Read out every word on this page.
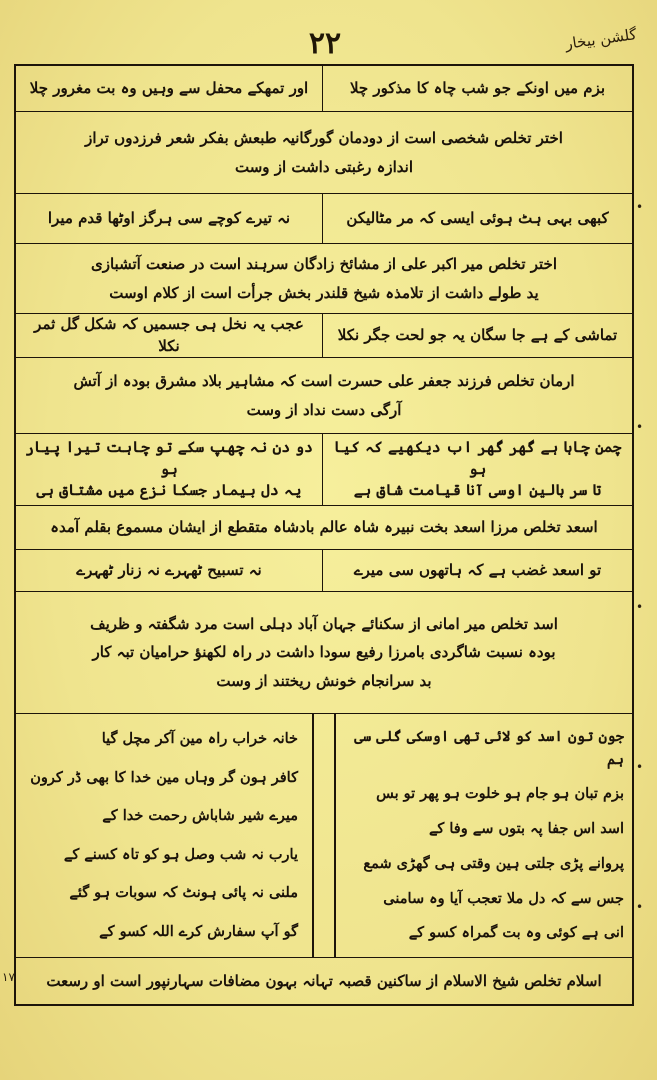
۲۲	گلشن بیخار
بزم میں اونکے جو شب چاہ کا مذکور چلا
اور تمھکے محفل سے وہیں وہ بت مغرور چلا

اختر تخلص شخصی است از دودمان گورگانیہ طبعش بفکر شعر فرزدوں تراز

اندازہ رغبتی داشت از وست

کبھی بہی ہٹ ہوئی ایسی کہ مر مٹالیکن
نہ تیرے کوچے سی ہرگز اوٹھا قدم میرا

اختر تخلص میر اکبر علی از مشائخ زادگان سرہند است در صنعت آتشبازی

ید طولے داشت از تلامذہ شیخ قلندر بخش جرأت است از کلام اوست

تماشی کے ہے جا سگان یہ جو لحت جگر نکلا
عجب یہ نخل ہی جسمیں کہ شکل گل ثمر نکلا

ارمان تخلص فرزند جعفر علی حسرت است کہ مشاہیر بلاد مشرق بودہ از آتش

آرگی دست نداد از وست

چمن چاہا ہے گھر گھر اب دیکھیے کہ کیا ہو
تا سر بالین اوسی آنا قیامت شاق ہے
دو دن نہ چھپ سکے تو چاہت تیرا پیار ہو
یہ دل بیمار جسکا نزع میں مشتاق ہی

اسعد تخلص مرزا اسعد بخت نبیرہ شاہ عالم بادشاہ متقطع از ایشان مسموع بقلم آمدہ

تو اسعد غضب ہے کہ ہاتھوں سی میرے
نہ تسبیح ٹھہرے نہ زنار ٹھہرے

اسد تخلص میر امانی از سکنائے جہان آباد دہلی است مرد شگفتہ و ظریف

بودہ نسبت شاگردی بامرزا رفیع سودا داشت در راہ لکھنؤ حرامیان تبہ کار

بد سرانجام خونش ریختند از وست

جون تون اسد کو لائی تھی اوسکی گلی سی ہم
بزم تبان ہو جام ہو خلوت ہو پھر تو بس
اسد اس جفا پہ بتوں سے وفا کے
پروانے پڑی جلتی ہین وقتی ہی گھڑی شمع
جس سے کہ دل ملا تعجب آیا وہ سامنی
انی ہے کوئی وہ بت گمراہ کسو کے
خانہ خراب راہ مین آکر مچل گیا
کافر ہون گر وہاں مین خدا کا بھی ڈر کرون
میرے شیر شاباش رحمت خدا کے
یارب نہ شب وصل ہو کو تاہ کسنے کے
ملنی نہ پائی ہونٹ کہ سوبات ہو گئے
گو آپ سفارش کرے اللہ کسو کے

اسلام تخلص شیخ الاسلام از ساکنین قصبہ تہانہ بہون مضافات سہارنپور است او رسعت

•
•
•
•
•
۱۷
